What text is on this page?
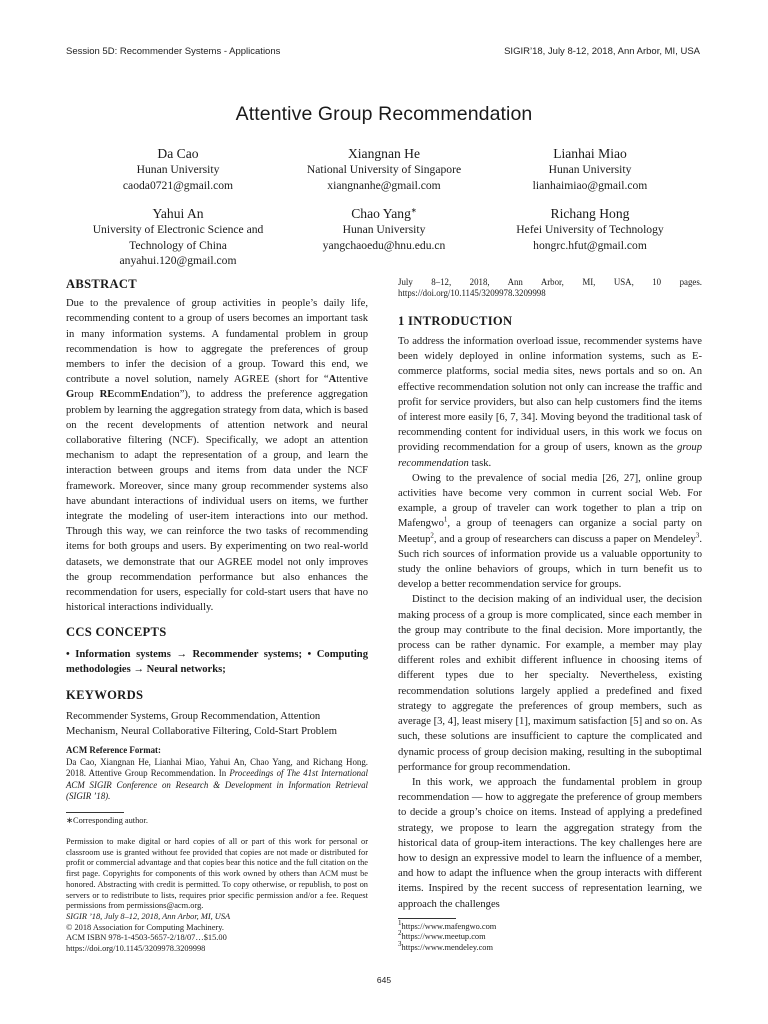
Session 5D: Recommender Systems - Applications	SIGIR’18, July 8-12, 2018, Ann Arbor, MI, USA
Attentive Group Recommendation
Da Cao
Hunan University
caoda0721@gmail.com
Xiangnan He
National University of Singapore
xiangnanhe@gmail.com
Lianhai Miao
Hunan University
lianhaimiao@gmail.com
Yahui An
University of Electronic Science and
Technology of China
anyahui.120@gmail.com
Chao Yang∗
Hunan University
yangchaoedu@hnu.edu.cn
Richang Hong
Hefei University of Technology
hongrc.hfut@gmail.com
ABSTRACT

Due to the prevalence of group activities in people’s daily life, recommending content to a group of users becomes an important task in many information systems. A fundamental problem in group recommendation is how to aggregate the preferences of group members to infer the decision of a group. Toward this end, we contribute a novel solution, namely AGREE (short for “Attentive Group REcommEndation”), to address the preference aggregation problem by learning the aggregation strategy from data, which is based on the recent developments of attention network and neural collaborative filtering (NCF). Specifically, we adopt an attention mechanism to adapt the representation of a group, and learn the interaction between groups and items from data under the NCF framework. Moreover, since many group recommender systems also have abundant interactions of individual users on items, we further integrate the modeling of user-item interactions into our method. Through this way, we can reinforce the two tasks of recommending items for both groups and users. By experimenting on two real-world datasets, we demonstrate that our AGREE model not only improves the group recommendation performance but also enhances the recommendation for users, especially for cold-start users that have no historical interactions individually.

CCS CONCEPTS

• Information systems → Recommender systems; • Computing methodologies → Neural networks;

KEYWORDS

Recommender Systems, Group Recommendation, Attention Mechanism, Neural Collaborative Filtering, Cold-Start Problem

ACM Reference Format:

Da Cao, Xiangnan He, Lianhai Miao, Yahui An, Chao Yang, and Richang Hong. 2018. Attentive Group Recommendation. In Proceedings of The 41st International ACM SIGIR Conference on Research & Development in Information Retrieval (SIGIR ’18).

∗Corresponding author.

Permission to make digital or hard copies of all or part of this work for personal or classroom use is granted without fee provided that copies are not made or distributed for profit or commercial advantage and that copies bear this notice and the full citation on the first page. Copyrights for components of this work owned by others than ACM must be honored. Abstracting with credit is permitted. To copy otherwise, or republish, to post on servers or to redistribute to lists, requires prior specific permission and/or a fee. Request permissions from permissions@acm.org.

SIGIR ’18, July 8–12, 2018, Ann Arbor, MI, USA

© 2018 Association for Computing Machinery.

ACM ISBN 978-1-4503-5657-2/18/07…$15.00

https://doi.org/10.1145/3209978.3209998

July 8–12, 2018, Ann Arbor, MI, USA, 10 pages. https://doi.org/10.1145/3209978.3209998

1 INTRODUCTION

To address the information overload issue, recommender systems have been widely deployed in online information systems, such as E-commerce platforms, social media sites, news portals and so on. An effective recommendation solution not only can increase the traffic and profit for service providers, but also can help customers find the items of interest more easily [6, 7, 34]. Moving beyond the traditional task of recommending content for individual users, in this work we focus on providing recommendation for a group of users, known as the group recommendation task.

Owing to the prevalence of social media [26, 27], online group activities have become very common in current social Web. For example, a group of traveler can work together to plan a trip on Mafengwo$^1$, a group of teenagers can organize a social party on Meetup$^2$, and a group of researchers can discuss a paper on Mendeley$^3$. Such rich sources of information provide us a valuable opportunity to study the online behaviors of groups, which in turn benefit us to develop a better recommendation service for groups.

Distinct to the decision making of an individual user, the decision making process of a group is more complicated, since each member in the group may contribute to the final decision. More importantly, the process can be rather dynamic. For example, a member may play different roles and exhibit different influence in choosing items of different types due to her specialty. Nevertheless, existing recommendation solutions largely applied a predefined and fixed strategy to aggregate the preferences of group members, such as average [3, 4], least misery [1], maximum satisfaction [5] and so on. As such, these solutions are insufficient to capture the complicated and dynamic process of group decision making, resulting in the suboptimal performance for group recommendation.

In this work, we approach the fundamental problem in group recommendation — how to aggregate the preference of group members to decide a group’s choice on items. Instead of applying a predefined strategy, we propose to learn the aggregation strategy from the historical data of group-item interactions. The key challenges here are how to design an expressive model to learn the influence of a member, and how to adapt the influence when the group interacts with different items. Inspired by the recent success of representation learning, we approach the challenges

$^1$https://www.mafengwo.com

$^2$https://www.meetup.com

$^3$https://www.mendeley.com

645
